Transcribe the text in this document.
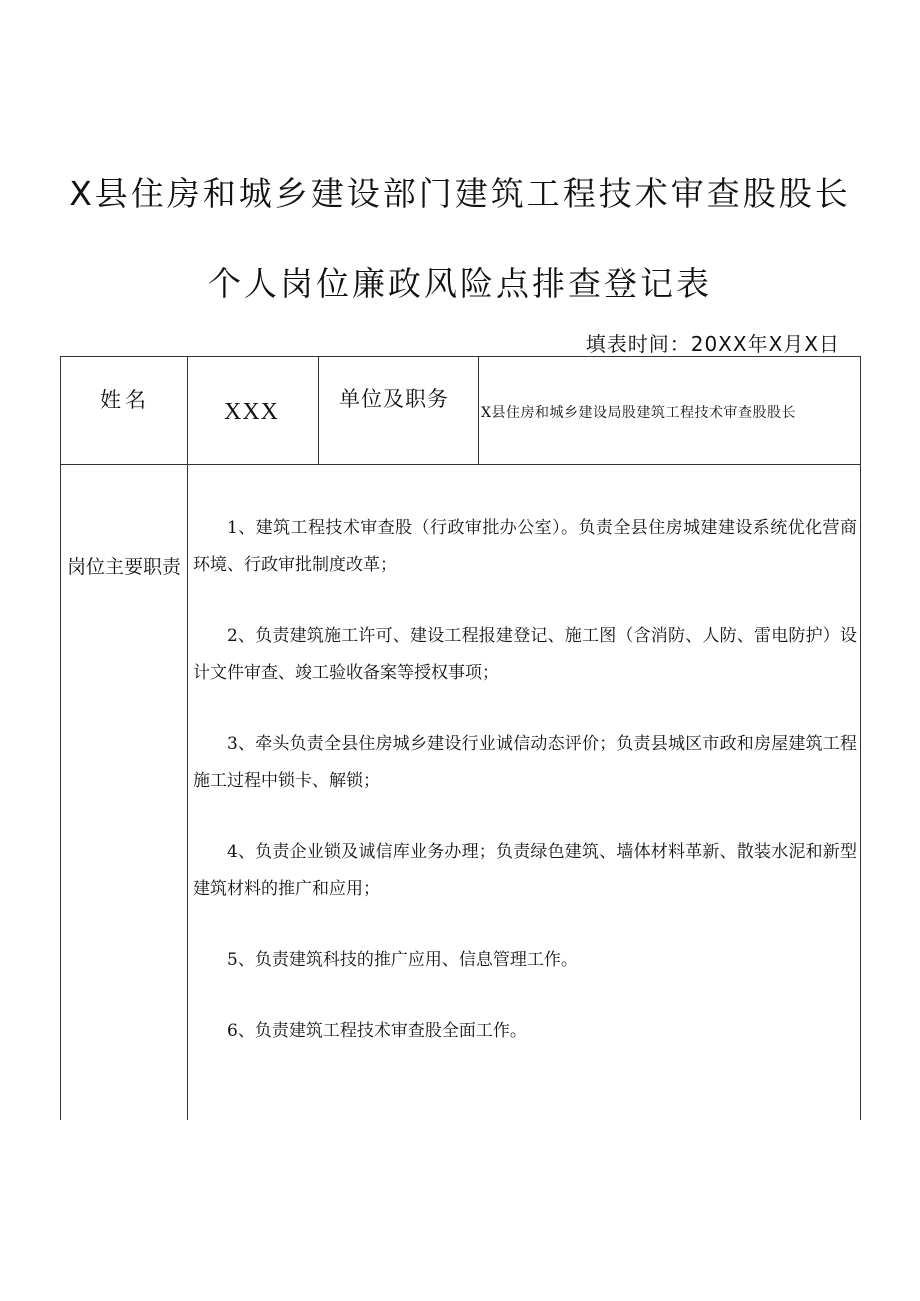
X县住房和城乡建设部门建筑工程技术审查股股长
个人岗位廉政风险点排查登记表
填表时间：20XX年X月X日
姓名	XXX	单位及职务
X县住房和城乡建设局股建筑工程技术审查股股长
岗位主要职责

1、建筑工程技术审查股（行政审批办公室）。负责全县住房城建建设系统优化营商环境、行政审批制度改革；

2、负责建筑施工许可、建设工程报建登记、施工图（含消防、人防、雷电防护）设计文件审查、竣工验收备案等授权事项；

3、牵头负责全县住房城乡建设行业诚信动态评价；负责县城区市政和房屋建筑工程施工过程中锁卡、解锁；

4、负责企业锁及诚信库业务办理；负责绿色建筑、墙体材料革新、散装水泥和新型建筑材料的推广和应用；

5、负责建筑科技的推广应用、信息管理工作。

6、负责建筑工程技术审查股全面工作。
